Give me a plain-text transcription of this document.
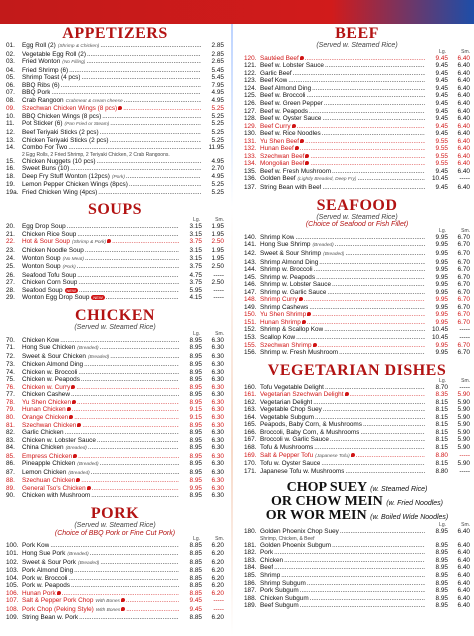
APPETIZERS
01.	Egg Roll (2) (Shrimp & Chicken) .....	2.85
02.	Vegetable Egg Roll (2) .....	2.85
03.	Fried Wonton (No Filling) .....	2.65
04.	Fried Shrimp (6) .....	5.45
05.	Shrimp Toast (4 pcs) .....	5.45
06.	BBQ Ribs (6) .....	7.95
07.	BBQ Pork .....	4.95
08.	Crab Rangoon Crabmeat & cream cheese .....	4.95
09.	Szechwan Chicken Wings (8 pcs) .....	5.25
10.	BBQ Chicken Wings (8 pcs) .....	5.25
11.	Pot Sticker (6) (Pan Fried or Steam) .....	5.25
12.	Beef Teriyaki Sticks (2 pcs) .....	5.25
13.	Chicken Teriyaki Sticks (2 pcs) .....	5.25
14.	Combo For Two .....	11.95
2 Egg Rolls, 2 Fried Shrimp, 2 Teriyaki Chicken, 2 Crab Rangoons.
15.	Chicken Nuggets (10 pcs) .....	4.95
16.	Sweet Buns (10) .....	2.70
18.	Deep Fry Stuff Wonton (12pcs) (Pork) .....	4.95
19.	Lemon Pepper Chicken Wings (8pcs) .....	5.25
19a. Fried Chicken Wing (4pcs) .....	5.25
SOUPS
Lg.	Sm.
20.	Egg Drop Soup .....	3.15	1.95
21.	Chicken Rice Soup .....	3.15	1.95
22.	Hot & Sour Soup (Shrimp & Pork) .....	3.75	2.50
23.	Chicken Noodle Soup .....	3.15	1.95
24.	Wonton Soup (No Meat) .....	3.15	1.95
25.	Wonton Soup (Pork) .....	3.75	2.50
26.	Seafood Tofu Soup .....	4.75	-----
27.	Chicken Corn Soup .....	3.75	2.50
28.	Seafood Soup NEW .....	5.95	-----
29.	Wonton Egg Drop Soup NEW .....	4.15	-----
CHICKEN
(Served w. Steamed Rice)
Lg.	Sm.
70.	Chicken Kow .....	8.95	6.30
71.	Hong Sue Chicken (Breaded) .....	8.95	6.30
72.	Sweet & Sour Chicken (Breaded) .....	8.95	6.30
73.	Chicken Almond Ding .....	8.95	6.30
74.	Chicken w. Broccoli .....	8.95	6.30
75.	Chicken w. Peapods .....	8.95	6.30
76.	Chicken w. Curry .....	8.95	6.30
77.	Chicken Cashew .....	8.95	6.30
78.	Yu Shen Chicken .....	8.95	6.30
79.	Hunan Chicken .....	9.15	6.30
80.	Orange Chicken .....	9.15	6.30
81.	Szechwan Chicken .....	8.95	6.30
82.	Garlic Chicken .....	8.95	6.30
83.	Chicken w. Lobster Sauce .....	8.95	6.30
84.	China Chicken (Breaded) .....	8.95	6.30
85.	Empress Chicken .....	8.95	6.30
86.	Pineapple Chicken (Breaded) .....	8.95	6.30
87.	Lemon Chicken (Breaded) .....	8.95	6.30
88.	Szechuan Chicken .....	8.95	6.30
89.	General Tso's Chicken .....	9.95	6.30
90.	Chicken with Mushroom .....	8.95	6.30
PORK
(Served w. Steamed Rice)
(Choice of BBQ Pork or Fine Cut Pork)
Lg.	Sm.
100. Pork Kow .....	8.85	6.20
101. Hong Sue Pork (Breaded) .....	8.85	6.20
102. Sweet & Sour Pork (Breaded) .....	8.85	6.20
103. Pork Almond Ding .....	8.85	6.20
104. Pork w. Broccoli .....	8.85	6.20
105. Pork w. Peapods .....	8.85	6.20
106. Hunan Pork .....	8.85	6.20
107. Salt & Pepper Pork Chop With Bones .....	9.45	-----
108. Pork Chop (Peking Style) With Bones .....	9.45	-----
109. String Bean w. Pork .....	8.85	6.20
BEEF
(Served w. Steamed Rice)
Lg.	Sm.
120. Sautéed Beef .....	9.45	6.40
121. Beef w. Lobster Sauce .....	9.45	6.40
122. Garlic Beef .....	9.45	6.40
123. Beef Kow .....	9.45	6.40
124. Beef Almond Ding .....	9.45	6.40
125. Beef w. Broccoli .....	9.45	6.40
126. Beef w. Green Pepper .....	9.45	6.40
127. Beef w. Peapods .....	9.45	6.40
128. Beef w. Oyster Sauce .....	9.45	6.40
129. Beef Curry .....	9.45	6.40
130. Beef w. Rice Noodles .....	9.45	6.40
131. Yu Shen Beef .....	9.55	6.40
132. Hunan Beef .....	9.55	6.40
133. Szechwan Beef .....	9.55	6.40
134. Mongolian Beef .....	9.55	6.40
135. Beef w. Fresh Mushroom .....	9.45	6.40
136. Golden Beef (Lightly Breaded, Deep Fry) .....	10.45	-----
137. String Bean with Beef .....	9.45	6.40
SEAFOOD
(Served w. Steamed Rice)
(Choice of Seafood or Fish Fillet)
Lg.	Sm.
140. Shrimp Kow .....	9.95	6.70
141. Hong Sue Shrimp (Breaded) .....	9.95	6.70
142. Sweet & Sour Shrimp (Breaded) .....	9.95	6.70
143. Shrimp Almond Ding .....	9.95	6.70
144. Shrimp w. Broccoli .....	9.95	6.70
145. Shrimp w. Peapods .....	9.95	6.70
146. Shrimp w. Lobster Sauce .....	9.95	6.70
147. Shrimp w. Garlic Sauce .....	9.95	6.70
148. Shrimp Curry .....	9.95	6.70
149. Shrimp Cashews .....	9.95	6.70
150. Yu Shen Shrimp .....	9.95	6.70
151. Hunan Shrimp .....	9.95	6.70
152. Shrimp & Scallop Kow .....	10.45	-----
153. Scallop Kow .....	10.45	-----
155. Szechwan Shrimp .....	9.95	6.70
156. Shrimp w. Fresh Mushroom .....	9.95	6.70
VEGETARIAN DISHES
Lg.	Sm.
160. Tofu Vegetable Delight .....	8.70	-----
161. Vegetarian Szechwan Delight .....	8.35	5.90
162. Vegetarian Delight .....	8.15	5.90
163. Vegetable Chop Suey .....	8.15	5.90
164. Vegetable Subgum .....	8.15	5.90
165. Peapods, Baby Corn, & Mushrooms .....	8.15	5.90
166. Broccoli, Baby Corn, & Mushrooms .....	8.15	5.90
167. Broccoli w. Garlic Sauce .....	8.15	5.90
168. Tofu & Mushrooms .....	8.15	5.90
169. Salt & Pepper Tofu (Japanese Tofu) .....	8.80	-----
170. Tofu w. Oyster Sauce .....	8.15	5.90
171. Japanese Tofu w. Mushrooms .....	8.80	-----
CHOP SUEY (w. Steamed Rice)
OR CHOW MEIN (w. Fried Noodles)
OR WOR MEIN (w. Boiled Wide Noodles)
Lg.	Sm.
180. Golden Phoenix Chop Suey .....	8.95	6.40
Shrimp, Chicken, & Beef
181. Golden Phoenix Subgum .....	8.95	6.40
182. Pork .....	8.95	6.40
183. Chicken .....	8.95	6.40
184. Beef .....	8.95	6.40
185. Shrimp .....	8.95	6.40
186. Shrimp Subgum .....	8.95	6.40
187. Pork Subgum .....	8.95	6.40
188. Chicken Subgum .....	8.95	6.40
189. Beef Subgum .....	8.95	6.40
